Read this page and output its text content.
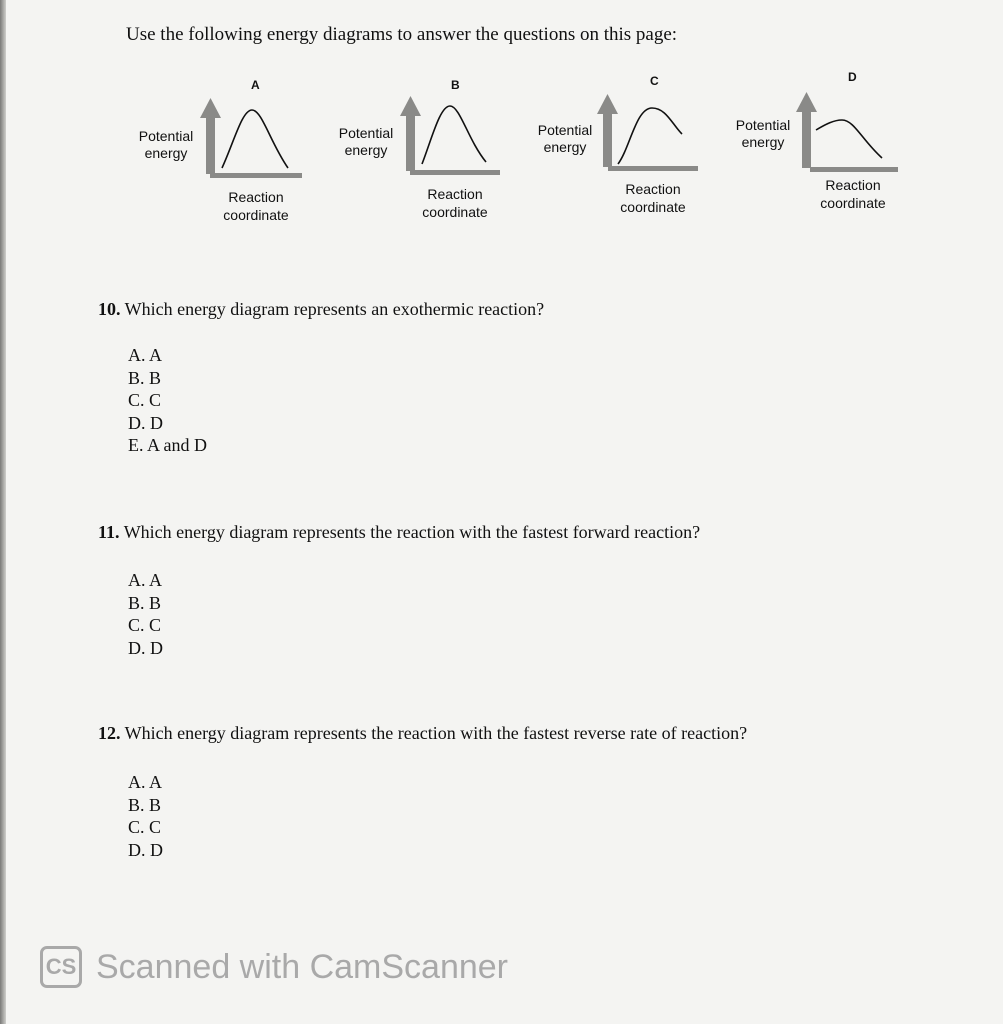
Use the following energy diagrams to answer the questions on this page:
A
Potential
energy
Reaction
coordinate
B
Potential
energy
Reaction
coordinate
C
Potential
energy
Reaction
coordinate
D
Potential
energy
Reaction
coordinate
10. Which energy diagram represents an exothermic reaction?
A. A
B. B
C. C
D. D
E. A and D
11. Which energy diagram represents the reaction with the fastest forward reaction?
A. A
B. B
C. C
D. D
12. Which energy diagram represents the reaction with the fastest reverse rate of reaction?
A. A
B. B
C. C
D. D
CS Scanned with CamScanner
